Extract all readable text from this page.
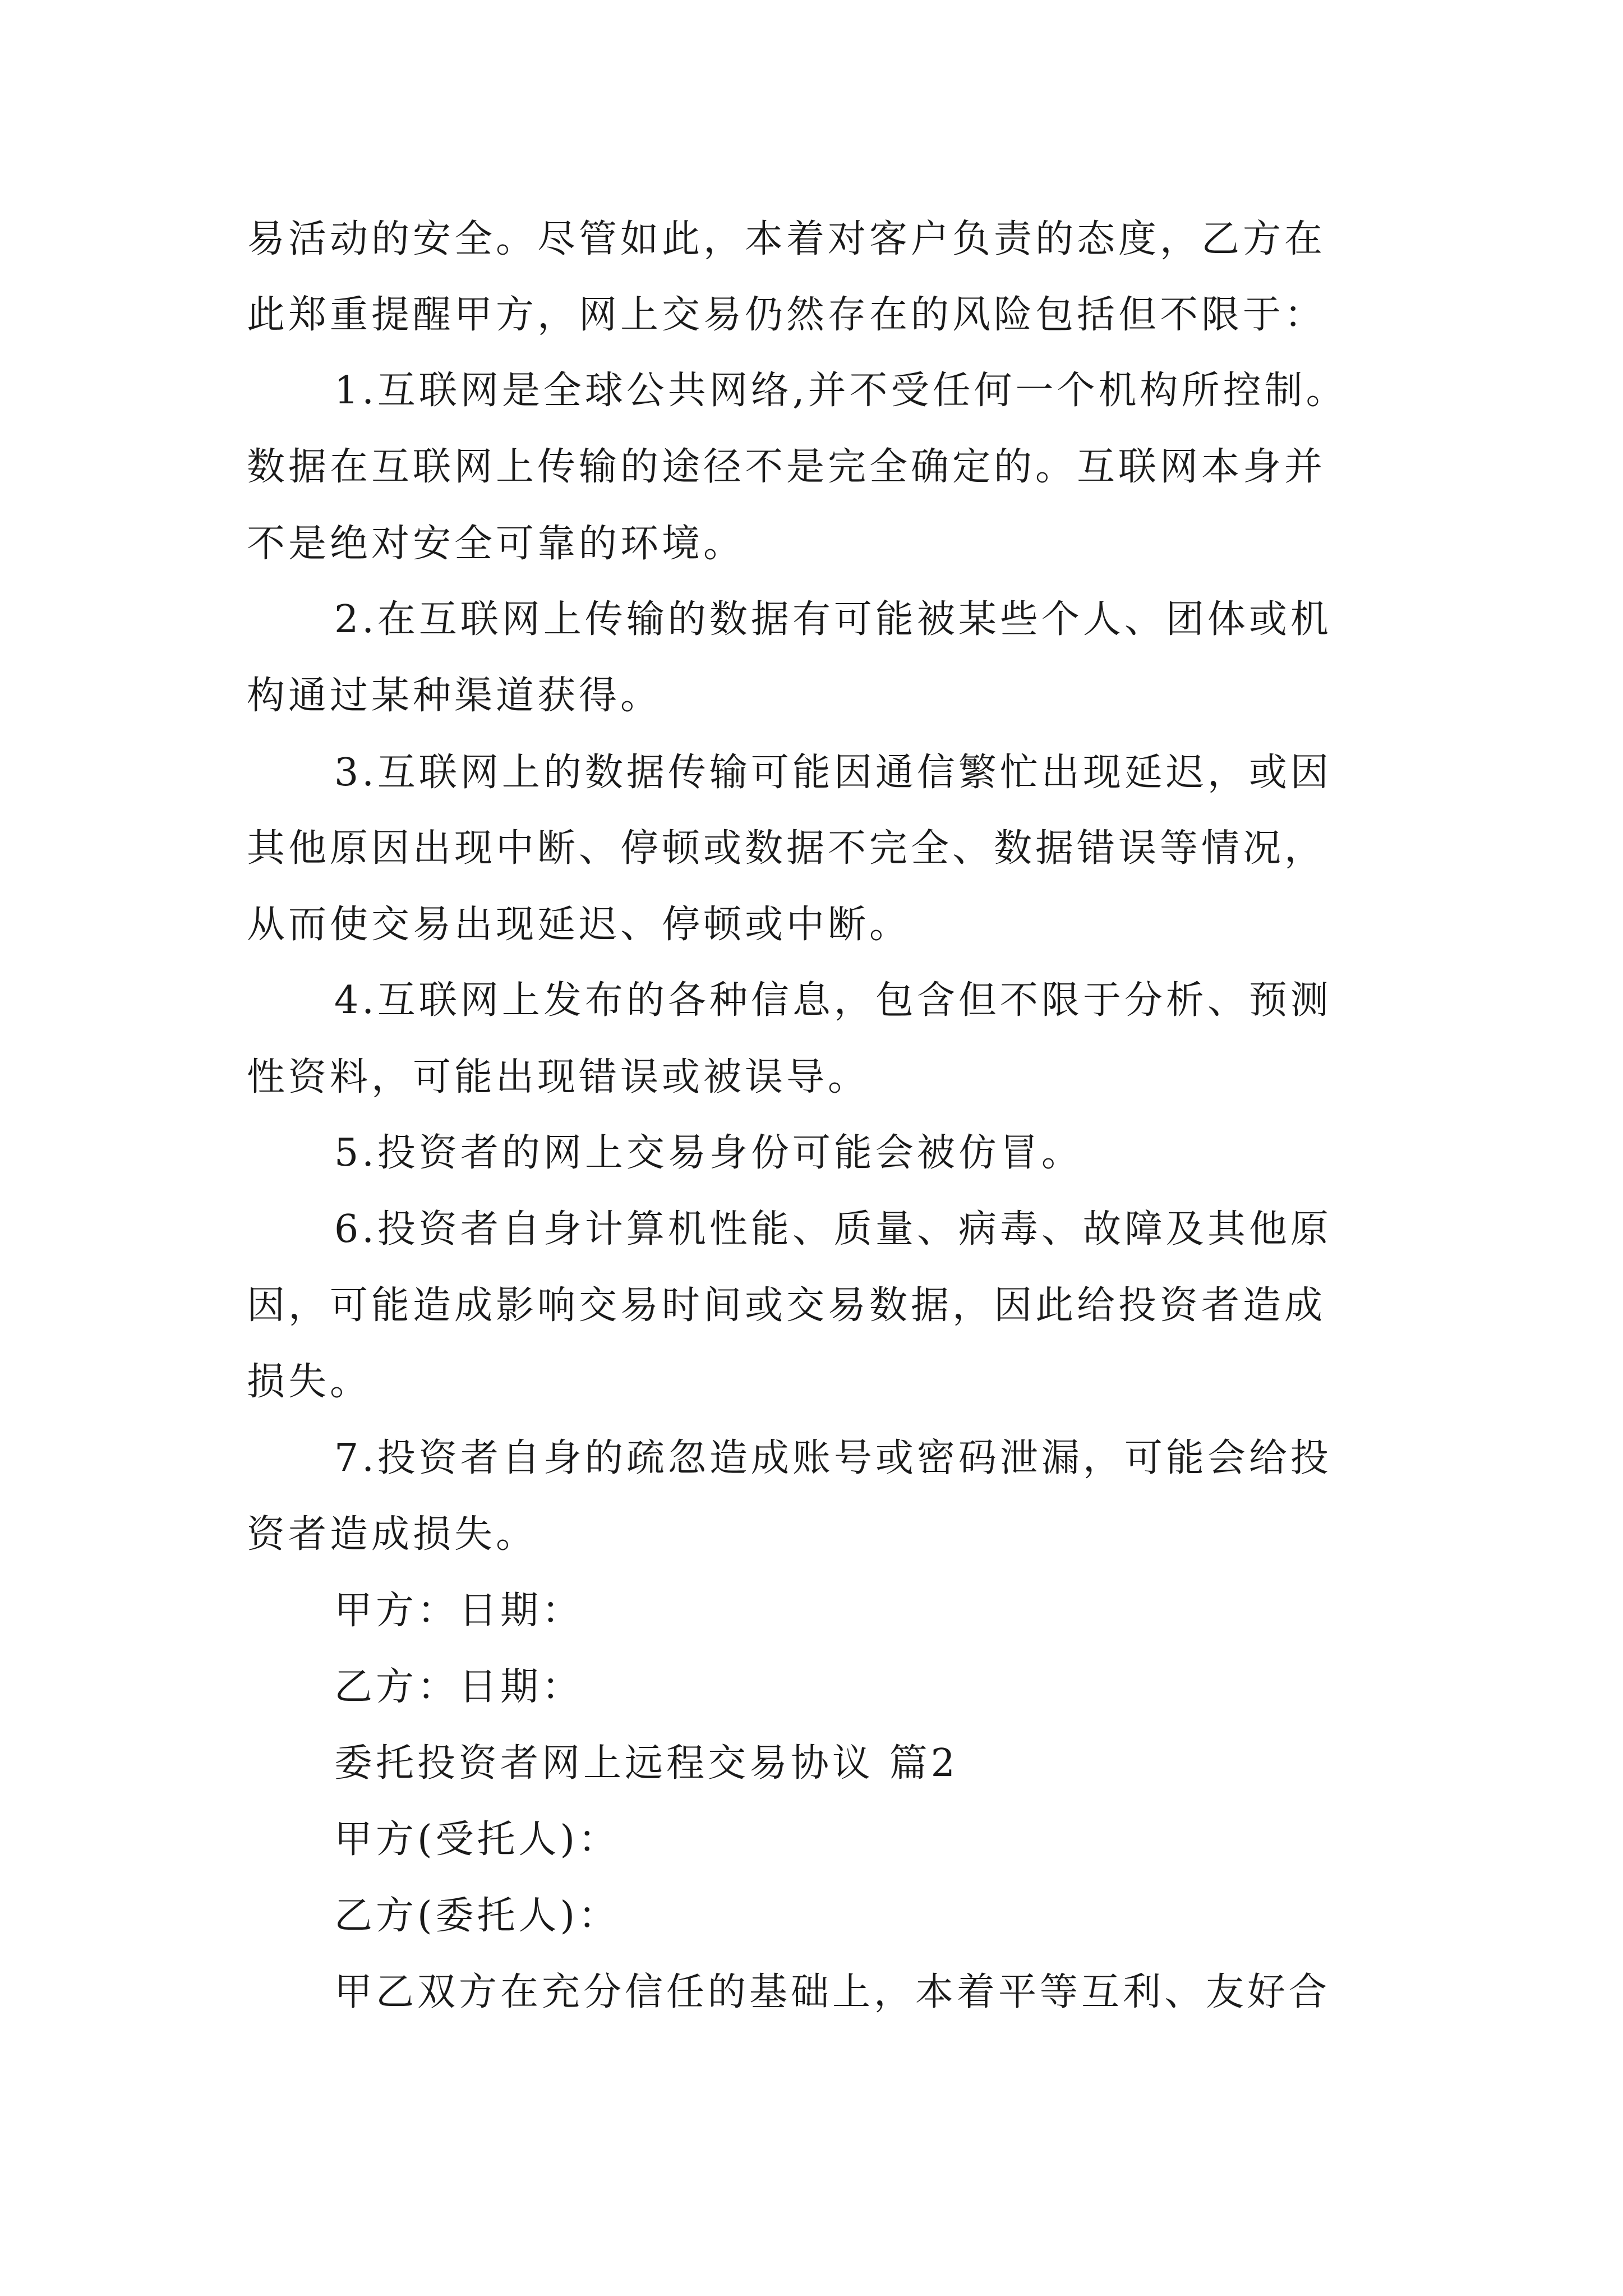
易活动的安全。尽管如此，本着对客户负责的态度，乙方在
此郑重提醒甲方，网上交易仍然存在的风险包括但不限于：
1.互联网是全球公共网络,并不受任何一个机构所控制。
数据在互联网上传输的途径不是完全确定的。互联网本身并
不是绝对安全可靠的环境。
2.在互联网上传输的数据有可能被某些个人、团体或机
构通过某种渠道获得。
3.互联网上的数据传输可能因通信繁忙出现延迟，或因
其他原因出现中断、停顿或数据不完全、数据错误等情况，
从而使交易出现延迟、停顿或中断。
4.互联网上发布的各种信息，包含但不限于分析、预测
性资料，可能出现错误或被误导。
5.投资者的网上交易身份可能会被仿冒。
6.投资者自身计算机性能、质量、病毒、故障及其他原
因，可能造成影响交易时间或交易数据，因此给投资者造成
损失。
7.投资者自身的疏忽造成账号或密码泄漏，可能会给投
资者造成损失。
甲方：日期：
乙方：日期：
委托投资者网上远程交易协议 篇2
甲方(受托人)：
乙方(委托人)：
甲乙双方在充分信任的基础上，本着平等互利、友好合
